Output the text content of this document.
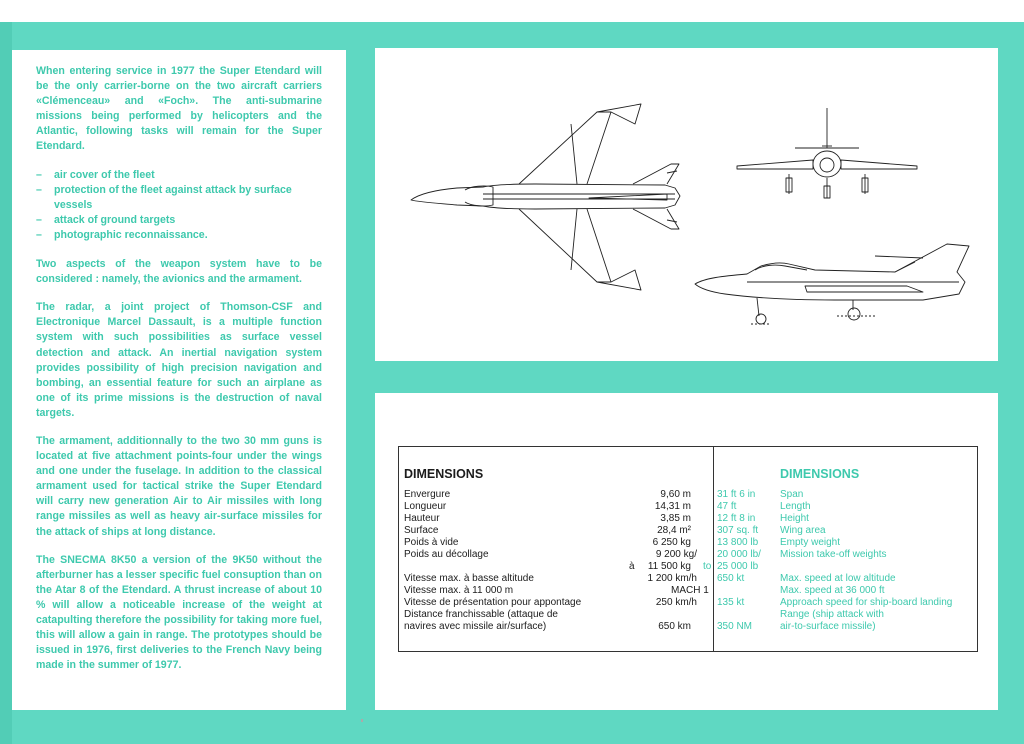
When entering service in 1977 the Super Etendard will be the only carrier-borne on the two aircraft carriers «Clémenceau» and «Foch». The anti-submarine missions being performed by helicopters and the Atlantic, following tasks will remain for the Super Etendard.

– air cover of the fleet
– protection of the fleet against attack by surface vessels
– attack of ground targets
– photographic reconnaissance.

Two aspects of the weapon system have to be considered : namely, the avionics and the armament.

The radar, a joint project of Thomson-CSF and Electronique Marcel Dassault, is a multiple function system with such possibilities as surface vessel detection and attack. An inertial navigation system provides possibility of high precision navigation and bombing, an essential feature for such an airplane as one of its prime missions is the destruction of naval targets.

The armament, additionnally to the two 30 mm guns is located at five attachment points-four under the wings and one under the fuselage. In addition to the classical armament used for tactical strike the Super Etendard will carry new generation Air to Air missiles with long range missiles as well as heavy air-surface missiles for the attack of ships at long distance.

The SNECMA 8K50 a version of the 9K50 without the afterburner has a lesser specific fuel consuption than on the Atar 8 of the Etendard. A thrust increase of about 10 % will allow a noticeable increase of the weight at catapulting therefore the possibility for taking more fuel, this will allow a gain in range. The prototypes should be issued in 1976, first deliveries to the French Navy being made in the summer of 1977.

DIMENSIONS	DIMENSIONS
Envergure
Longueur
Hauteur
Surface
Poids à vide
Poids au décollage
Vitesse max. à basse altitude
Vitesse max. à 11 000 m
Vitesse de présentation pour appontage
Distance franchissable (attaque de
navires avec missile air/surface)
9,60 m
14,31 m
3,85 m
28,4 m²
6 250 kg
9 200 kg/
à	11 500 kg
1 200 km/h
MACH 1
250 km/h
650 km
31 ft 6 in
47 ft
12 ft 8 in
307 sq. ft
13 800 lb
20 000 lb/
to 25 000 lb
650 kt
135 kt
350 NM
Span
Length
Height
Wing area
Empty weight
Mission take-off weights
Max. speed at low altitude
Max. speed at 36 000 ft
Approach speed for ship-board landing
Range (ship attack with
air-to-surface missile)
